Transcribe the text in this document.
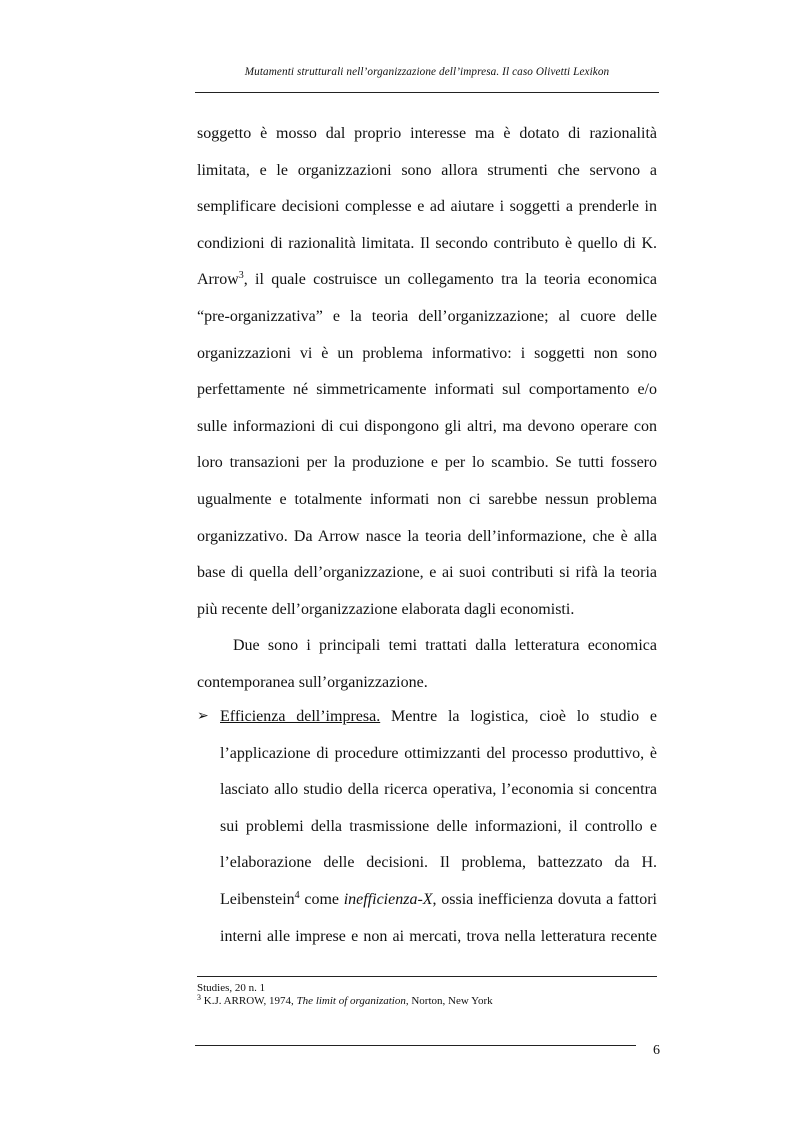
Mutamenti strutturali nell’organizzazione dell’impresa. Il caso Olivetti Lexikon
soggetto è mosso dal proprio interesse ma è dotato di razionalità
limitata, e le organizzazioni sono allora strumenti che servono a
semplificare decisioni complesse e ad aiutare i soggetti a prenderle in
condizioni di razionalità limitata. Il secondo contributo è quello di K.
Arrow$^3$, il quale costruisce un collegamento tra la teoria economica
“pre-organizzativa” e la teoria dell’organizzazione; al cuore delle
organizzazioni vi è un problema informativo: i soggetti non sono
perfettamente né simmetricamente informati sul comportamento e/o
sulle informazioni di cui dispongono gli altri, ma devono operare con
loro transazioni per la produzione e per lo scambio. Se tutti fossero
ugualmente e totalmente informati non ci sarebbe nessun problema
organizzativo. Da Arrow nasce la teoria dell’informazione, che è alla
base di quella dell’organizzazione, e ai suoi contributi si rifà la teoria
più recente dell’organizzazione elaborata dagli economisti.
Due sono i principali temi trattati dalla letteratura economica
contemporanea sull’organizzazione.
➢ Efficienza dell’impresa. Mentre la logistica, cioè lo studio e
l’applicazione di procedure ottimizzanti del processo produttivo, è
lasciato allo studio della ricerca operativa, l’economia si concentra
sui problemi della trasmissione delle informazioni, il controllo e
l’elaborazione delle decisioni. Il problema, battezzato da H.
Leibenstein$^4$ come inefficienza-X, ossia inefficienza dovuta a fattori
interni alle imprese e non ai mercati, trova nella letteratura recente
Studies, 20 n. 1
$^3$ K.J. ARROW, 1974, The limit of organization, Norton, New York
6
